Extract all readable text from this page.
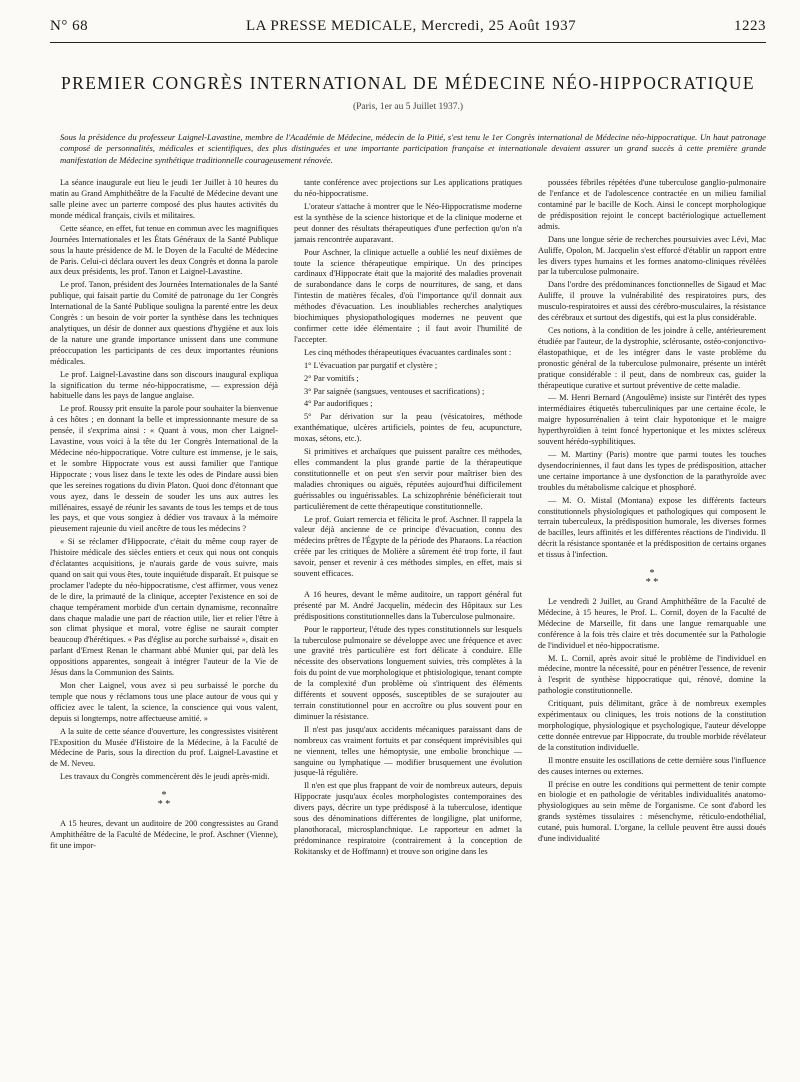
N° 68	LA PRESSE MEDICALE, Mercredi, 25 Août 1937	1223
PREMIER CONGRÈS INTERNATIONAL DE MÉDECINE NÉO-HIPPOCRATIQUE
(Paris, 1er au 5 Juillet 1937.)

Sous la présidence du professeur Laignel-Lavastine, membre de l'Académie de Médecine, médecin de la Pitié, s'est tenu le 1er Congrès international de Médecine néo-hippocratique. Un haut patronage composé de personnalités, médicales et scientifiques, des plus distinguées et une importante participation française et internationale devaient assurer un grand succès à cette première grande manifestation de Médecine synthétique traditionnelle courageusement rénovée.

La séance inaugurale eut lieu le jeudi 1er Juillet à 10 heures du matin au Grand Amphithéâtre de la Faculté de Médecine devant une salle pleine avec un parterre composé des plus hautes activités du monde médical français, civils et militaires.

Cette séance, en effet, fut tenue en commun avec les magnifiques Journées Internationales et les États Généraux de la Santé Publique sous la haute présidence de M. le Doyen de la Faculté de Médecine de Paris. Celui-ci déclara ouvert les deux Congrès et donna la parole aux deux présidents, les prof. Tanon et Laignel-Lavastine.

Le prof. Tanon, président des Journées Internationales de la Santé publique, qui faisait partie du Comité de patronage du 1er Congrès International de la Santé Publique soulignа la parenté entre les deux Congrès : un besoin de voir porter la synthèse dans les techniques analytiques, un désir de donner aux questions d'hygiène et aux lois de la nature une grande importance unissent dans une commune préoccupation les participants de ces deux importantes réunions médicales.

Le prof. Laignel-Lavastine dans son discours inaugural expliqua la signification du terme néo-hippocratisme, — expression déjà habituelle dans les pays de langue anglaise.

Le prof. Roussy prit ensuite la parole pour souhaiter la bienvenue à ces hôtes ; en donnant la belle et impressionnante mesure de sa pensée, il s'exprima ainsi : « Quant à vous, mon cher Laignel-Lavastine, vous voici à la tête du 1er Congrès International de la Médecine néo-hippocratique. Votre culture est immense, je le sais, et le sombre Hippocrate vous est aussi familier que l'antique Hippocrate ; vous lisez dans le texte les odes de Pindare aussi bien que les sereines rogations du divin Platon. Quoi donc d'étonnant que vous ayez, dans le dessein de souder les uns aux autres les millénaires, essayé de réunir les savants de tous les temps et de tous les pays, et que vous songiez à dédier vos travaux à la mémoire pieusement rajeunie du vieil ancêtre de tous les médecins ?

« Si se réclamer d'Hippocrate, c'était du même coup rayer de l'histoire médicale des siècles entiers et ceux qui nous ont conquis d'éclatantes acquisitions, je n'aurais garde de vous suivre, mais quand on sait qui vous êtes, toute inquiétude disparaît. Et puisque se proclamer l'adepte du néo-hippocratisme, c'est affirmer, vous venez de le dire, la primauté de la clinique, accepter l'existence en soi de chaque tempérament morbide d'un certain dynamisme, reconnaître dans chaque maladie une part de réaction utile, lier et relier l'être à son climat physique et moral, votre église ne saurait compter beaucoup d'hérétiques. « Pas d'église au porche surbaissé », disait en parlant d'Ernest Renan le charmant abbé Munier qui, par delà les oppositions apparentes, songeait à intégrer l'auteur de la Vie de Jésus dans la Communion des Saints.

Mon cher Laignel, vous avez si peu surbaissé le porche du temple que nous y réclamons tous une place autour de vous qui y officiez avec le talent, la science, la conscience qui vous valent, depuis si longtemps, notre affectueuse amitié. »

A la suite de cette séance d'ouverture, les congressistes visitèrent l'Exposition du Musée d'Histoire de la Médecine, à la Faculté de Médecine de Paris, sous la direction du prof. Laignel-Lavastine et de M. Neveu.

Les travaux du Congrès commencèrent dès le jeudi après-midi.

*
* *

A 15 heures, devant un auditoire de 200 congressistes au Grand Amphithéâtre de la Faculté de Médecine, le prof. Aschner (Vienne), fit une impor-

tante conférence avec projections sur Les applications pratiques du néo-hippocratisme.

L'orateur s'attache à montrer que le Néo-Hippocratisme moderne est la synthèse de la science historique et de la clinique moderne et peut donner des résultats thérapeutiques d'une perfection qu'on n'a jamais rencontrée auparavant.

Pour Aschner, la clinique actuelle a oublié les neuf dixièmes de toute la science thérapeutique empirique. Un des principes cardinaux d'Hippocrate était que la majorité des maladies provenait de surabondance dans le corps de nourritures, de sang, et dans l'intestin de matières fécales, d'où l'importance qu'il donnait aux méthodes d'évacuation. Les inoubliables recherches analytiques biochimiques physiopathologiques modernes ne peuvent que confirmer cette idée élémentaire ; il faut avoir l'humilité de l'accepter.

Les cinq méthodes thérapeutiques évacuantes cardinales sont :

1° L'évacuation par purgatif et clystère ;

2° Par vomitifs ;

3° Par saignée (sangsues, ventouses et sacrifications) ;

4° Par audorifiques ;

5° Par dérivation sur la peau (vésicatoires, méthode exanthématique, ulcères artificiels, pointes de feu, acupuncture, moxas, sétons, etc.).

Si primitives et archaïques que puissent paraître ces méthodes, elles commandent la plus grande partie de la thérapeutique constitutionnelle et on peut s'en servir pour maîtriser bien des maladies chroniques ou aiguës, réputées aujourd'hui difficilement guérissables ou inguérissables. La schizophrénie bénéficierait tout particulièrement de cette thérapeutique constitutionnelle.

Le prof. Guiart remercia et félicita le prof. Aschner. Il rappela la valeur déjà ancienne de ce principe d'évacuation, connu des médecins prêtres de l'Égypte de la période des Pharaons. La réaction créée par les critiques de Molière a sûrement été trop forte, il faut savoir, penser et revenir à ces méthodes simples, en effet, mais si souvent efficaces.

A 16 heures, devant le même auditoire, un rapport général fut présenté par M. André Jacquelin, médecin des Hôpitaux sur Les prédispositions constitutionnelles dans la Tuberculose pulmonaire.

Pour le rapporteur, l'étude des types constitutionnels sur lesquels la tuberculose pulmonaire se développe avec une fréquence et avec une gravité très particulière est fort délicate à conduire. Elle nécessite des observations longuement suivies, très complètes à la fois du point de vue morphologique et phtisiologique, tenant compte de la complexité d'un problème où s'intriquent des éléments différents et souvent opposés, susceptibles de se surajouter au terrain constitutionnel pour en accroître ou plus souvent pour en diminuer la résistance.

Il n'est pas jusqu'aux accidents mécaniques paraissant dans de nombreux cas vraiment fortuits et par conséquent imprévisibles qui ne viennent, telles une hémoptysie, une embolie bronchique — sanguine ou lymphatique — modifier brusquement une évolution jusque-là régulière.

Il n'en est que plus frappant de voir de nombreux auteurs, depuis Hippocrate jusqu'aux écoles morphologistes contemporaines des divers pays, décrire un type prédisposé à la tuberculose, identique sous des dénominations différentes de longiligne, plat uniforme, planothoracal, microsplanchnique. Le rapporteur en admet la prédominance respiratoire (contrairement à la conception de Rokitansky et de Hoffmann) et trouve son origine dans les

poussées fébriles répétées d'une tuberculose ganglio-pulmonaire de l'enfance et de l'adolescence contractée en un milieu familial contaminé par le bacille de Koch. Ainsi le concept morphologique de prédisposition rejoint le concept bactériologique actuellement admis.

Dans une longue série de recherches poursuivies avec Lévi, Mac Auliffe, Opolon, M. Jacquelin s'est efforcé d'établir un rapport entre les divers types humains et les formes anatomo-cliniques révélées par la tuberculose pulmonaire.

Dans l'ordre des prédominances fonctionnelles de Sigaud et Mac Auliffe, il prouve la vulnérabilité des respiratoires purs, des musculo-respiratoires et aussi des cérébro-musculaires, la résistance des cérébraux et surtout des digestifs, qui est la plus considérable.

Ces notions, à la condition de les joindre à celle, antérieurement étudiée par l'auteur, de la dystrophie, sclérosante, ostéo-conjonctivo-élastopathique, et de les intégrer dans le vaste problème du pronostic général de la tuberculose pulmonaire, présente un intérêt pratique considérable : il peut, dans de nombreux cas, guider la thérapeutique curative et surtout préventive de cette maladie.

— M. Henri Bernard (Angoulême) insiste sur l'intérêt des types intermédiaires étiquetés tuberculiniques par une certaine école, le maigre hyposurrénalien à teint clair hypotonique et le maigre hyperthyroïdien à teint foncé hypertonique et les mixtes scléreux souvent hérédo-syphilitiques.

— M. Martiny (Paris) montre que parmi toutes les touches dysendocriniennes, il faut dans les types de prédisposition, attacher une certaine importance à une dysfonction de la parathyroïde avec troubles du métabolisme calcique et phosphoré.

— M. O. Mistal (Montana) expose les différents facteurs constitutionnels physiologiques et pathologiques qui composent le terrain tuberculeux, la prédisposition humorale, les diverses formes de bacilles, leurs affinités et les différentes réactions de l'individu. Il décrit la résistance spontanée et la prédisposition de certains organes et tissus à l'infection.

*
* *

Le vendredi 2 Juillet, au Grand Amphithéâtre de la Faculté de Médecine, à 15 heures, le Prof. L. Cornil, doyen de la Faculté de Médecine de Marseille, fit dans une langue remarquable une conférence à la fois très claire et très documentée sur la Pathologie de l'individuel et néo-hippocratisme.

M. L. Cornil, après avoir situé le problème de l'individuel en médecine, montre la nécessité, pour en pénétrer l'essence, de revenir à l'esprit de synthèse hippocratique qui, rénové, domine la pathologie constitutionnelle.

Critiquant, puis délimitant, grâce à de nombreux exemples expérimentaux ou cliniques, les trois notions de la constitution morphologique, physiologique et psychologique, l'auteur développe cette donnée entrevue par Hippocrate, du trouble morbide révélateur de la constitution individuelle.

Il montre ensuite les oscillations de cette dernière sous l'influence des causes internes ou externes.

Il précise en outre les conditions qui permettent de tenir compte en biologie et en pathologie de véritables individualités anatomo-physiologiques au sein même de l'organisme. Ce sont d'abord les grands systèmes tissulaires : mésenchyme, réticulo-endothélial, cutané, puis humoral. L'organe, la cellule peuvent être aussi doués d'une individualité
